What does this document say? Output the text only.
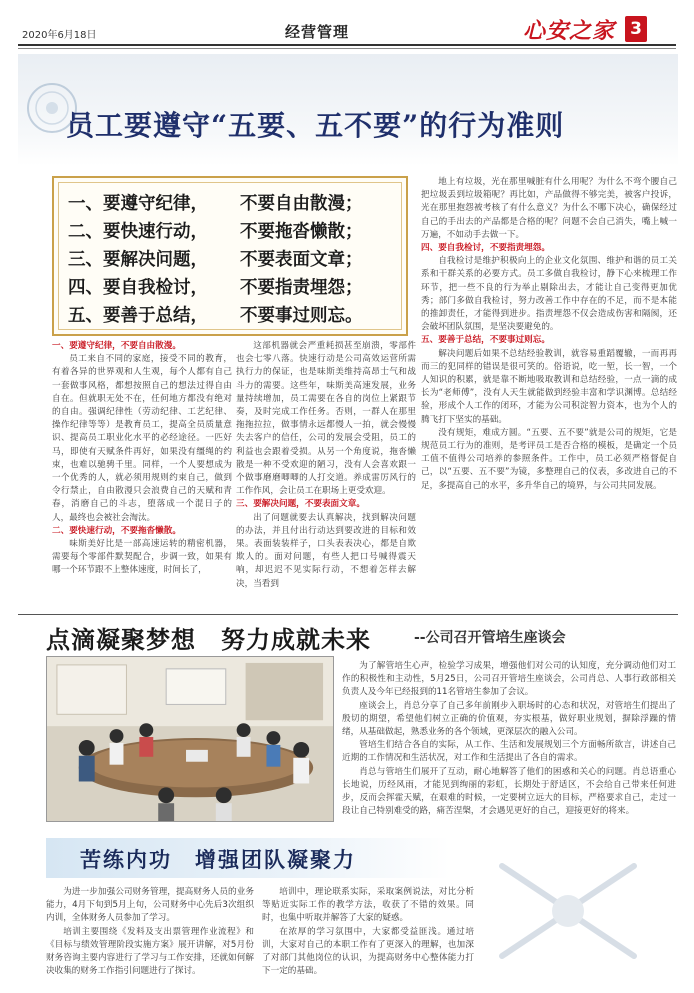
2020年6月18日	经营管理	心安之家 3
员工要遵守“五要、五不要”的行为准则
一、要遵守纪律，	不要自由散漫；
二、要快速行动，	不要拖沓懒散；
三、要解决问题，	不要表面文章；
四、要自我检讨，	不要指责埋怨；
五、要善于总结，	不要事过则忘。

一、要遵守纪律，不要自由散漫。

员工来自不同的家庭，接受不同的教育，有着各异的世界观和人生观，每个人都有自己一套做事风格，都想按照自己的想法过得自由自在。但就职无处不在，任何地方都没有绝对的自由。强调纪律性（劳动纪律、工艺纪律、操作纪律等等）是教育员工，提高全员质量意识、提高员工职业化水平的必经途径。一匹好马，即使有天赋条件再好，如果没有缰绳的约束，也难以驰骋千里。同样，一个人要想成为一个优秀的人，就必须用规则约束自己，做到令行禁止，自由散漫只会浪费自己的天赋和青春，消磨自己的斗志，堕落成一个混日子的人，最终也会被社会淘汰。

二、要快速行动，不要拖沓懒散。

味斯美好比是一部高速运转的精密机器，需要每个零部件默契配合，步调一致，如果有哪一个环节跟不上整体速度，时间长了，

这部机器就会严重耗损甚至崩溃，零部件也会七零八落。快速行动是公司高效运营所需执行力的保证，也是味斯美维持高昂士气和战斗力的需要。这些年，味斯美高速发展，业务量持续增加，员工需要在各自的岗位上紧跟节奏，及时完成工作任务。否则，一群人在那里拖拖拉拉，做事情永远都慢人一拍，就会慢慢失去客户的信任，公司的发展会受阻，员工的利益也会跟着受损。从另一个角度说，拖沓懒散是一种不受欢迎的陋习，没有人会喜欢跟一个做事磨磨唧唧的人打交道。养成雷厉风行的工作作风，会让员工在职场上更受欢迎。

三、要解决问题，不要表面文章。

出了问题就要去认真解决，找到解决问题的办法，并且付出行动达到要改进的目标和效果。表面装装样子，口头表表决心，都是自欺欺人的。面对问题，有些人把口号喊得震天响，却迟迟不见实际行动，不想着怎样去解决，当看到

地上有垃圾，光在那里喊脏有什么用呢？为什么不弯个腰自己把垃圾丢到垃圾箱呢？再比如，产品做得不够完美，被客户投诉，光在那里抱怨被考核了有什么意义？为什么不哪下决心，确保经过自己的手出去的产品都是合格的呢？问题不会自己消失，嘴上喊一万遍，不如动手去做一下。

四、要自我检讨，不要指责埋怨。

自我检讨是维护积极向上的企业文化氛围、维护和谐的员工关系和干群关系的必要方式。员工多做自我检讨，静下心来梳理工作环节，把一些不良的行为举止剔除出去，才能让自己变得更加优秀；部门多做自我检讨，努力改善工作中存在的不足，而不是本能的推卸责任，才能得到进步。指责埋怨不仅会造成伤害和隔阂，还会破坏团队氛围，是坚决要避免的。

五、要善于总结，不要事过则忘。

解决问题后如果不总结经验教训，就容易重蹈覆辙，一而再再而三的犯同样的错误是很可笑的。俗语说，吃一堑，长一智，一个人知识的积累，就是靠不断地吸取教训和总结经验，一点一滴的成长为“老师傅”，没有人天生就能做到经验丰富和学识渊博。总结经验，形成个人工作的闭环，才能为公司积淀智力资本，也为个人的腾飞打下坚实的基础。

没有规矩，难成方圆。“五要、五不要”就是公司的规矩，它是规范员工行为的准则，是考评员工是否合格的模板，是确定一个员工值不值得公司培养的参照条件。工作中，员工必须严格督促自己，以“五要、五不要”为镜，多整理自己的仪表，多改进自己的不足，多提高自己的水平，多升华自己的境界，与公司共同发展。

点滴凝聚梦想　努力成就未来	--公司召开管培生座谈会

为了解管培生心声，检验学习成果，增强他们对公司的认知度，充分调动他们对工作的积极性和主动性，5月25日，公司召开管培生座谈会，公司肖总、人事行政部相关负责人及今年已经报到的11名管培生参加了会议。

座谈会上，肖总分享了自己多年前刚步入职场时的心态和状况，对管培生们提出了殷切的期望，希望他们树立正确的价值观，夯实根基，做好职业规划，摒除浮躁的情绪，从基础做起，熟悉业务的各个领域，更深层次的融入公司。

管培生们结合各自的实际，从工作、生活和发展规划三个方面畅所欲言，讲述自己近期的工作情况和生活状况，对工作和生活提出了各自的需求。

肖总与管培生们展开了互动，耐心地解答了他们的困惑和关心的问题。肖总语重心长地说，历经风雨，才能见到绚丽的彩虹，长期处于舒适区，不会给自己带来任何进步，反而会挥霍天赋，在艰难的时候，一定要树立远大的目标，严格要求自己，走过一段让自己特别难受的路，痛苦涅槃，才会遇见更好的自己，迎接更好的将来。

苦练内功　增强团队凝聚力

为进一步加强公司财务管理，提高财务人员的业务能力，4月下旬到5月上旬，公司财务中心先后3次组织内训，全体财务人员参加了学习。

培训主要围绕《发料及支出票管理作业流程》和《目标与绩效管理阶段实施方案》展开讲解，对5月份财务咨询主要内容进行了学习与工作安排，还就如何解决收集的财务工作指引问题进行了探讨。

培训中，理论联系实际，采取案例说法，对比分析等贴近实际工作的教学方法，收获了不错的效果。同时，也集中听取并解答了大家的疑惑。

在浓厚的学习氛围中，大家都受益匪浅。通过培训，大家对自己的本职工作有了更深入的理解，也加深了对部门其他岗位的认识，为提高财务中心整体能力打下一定的基础。
